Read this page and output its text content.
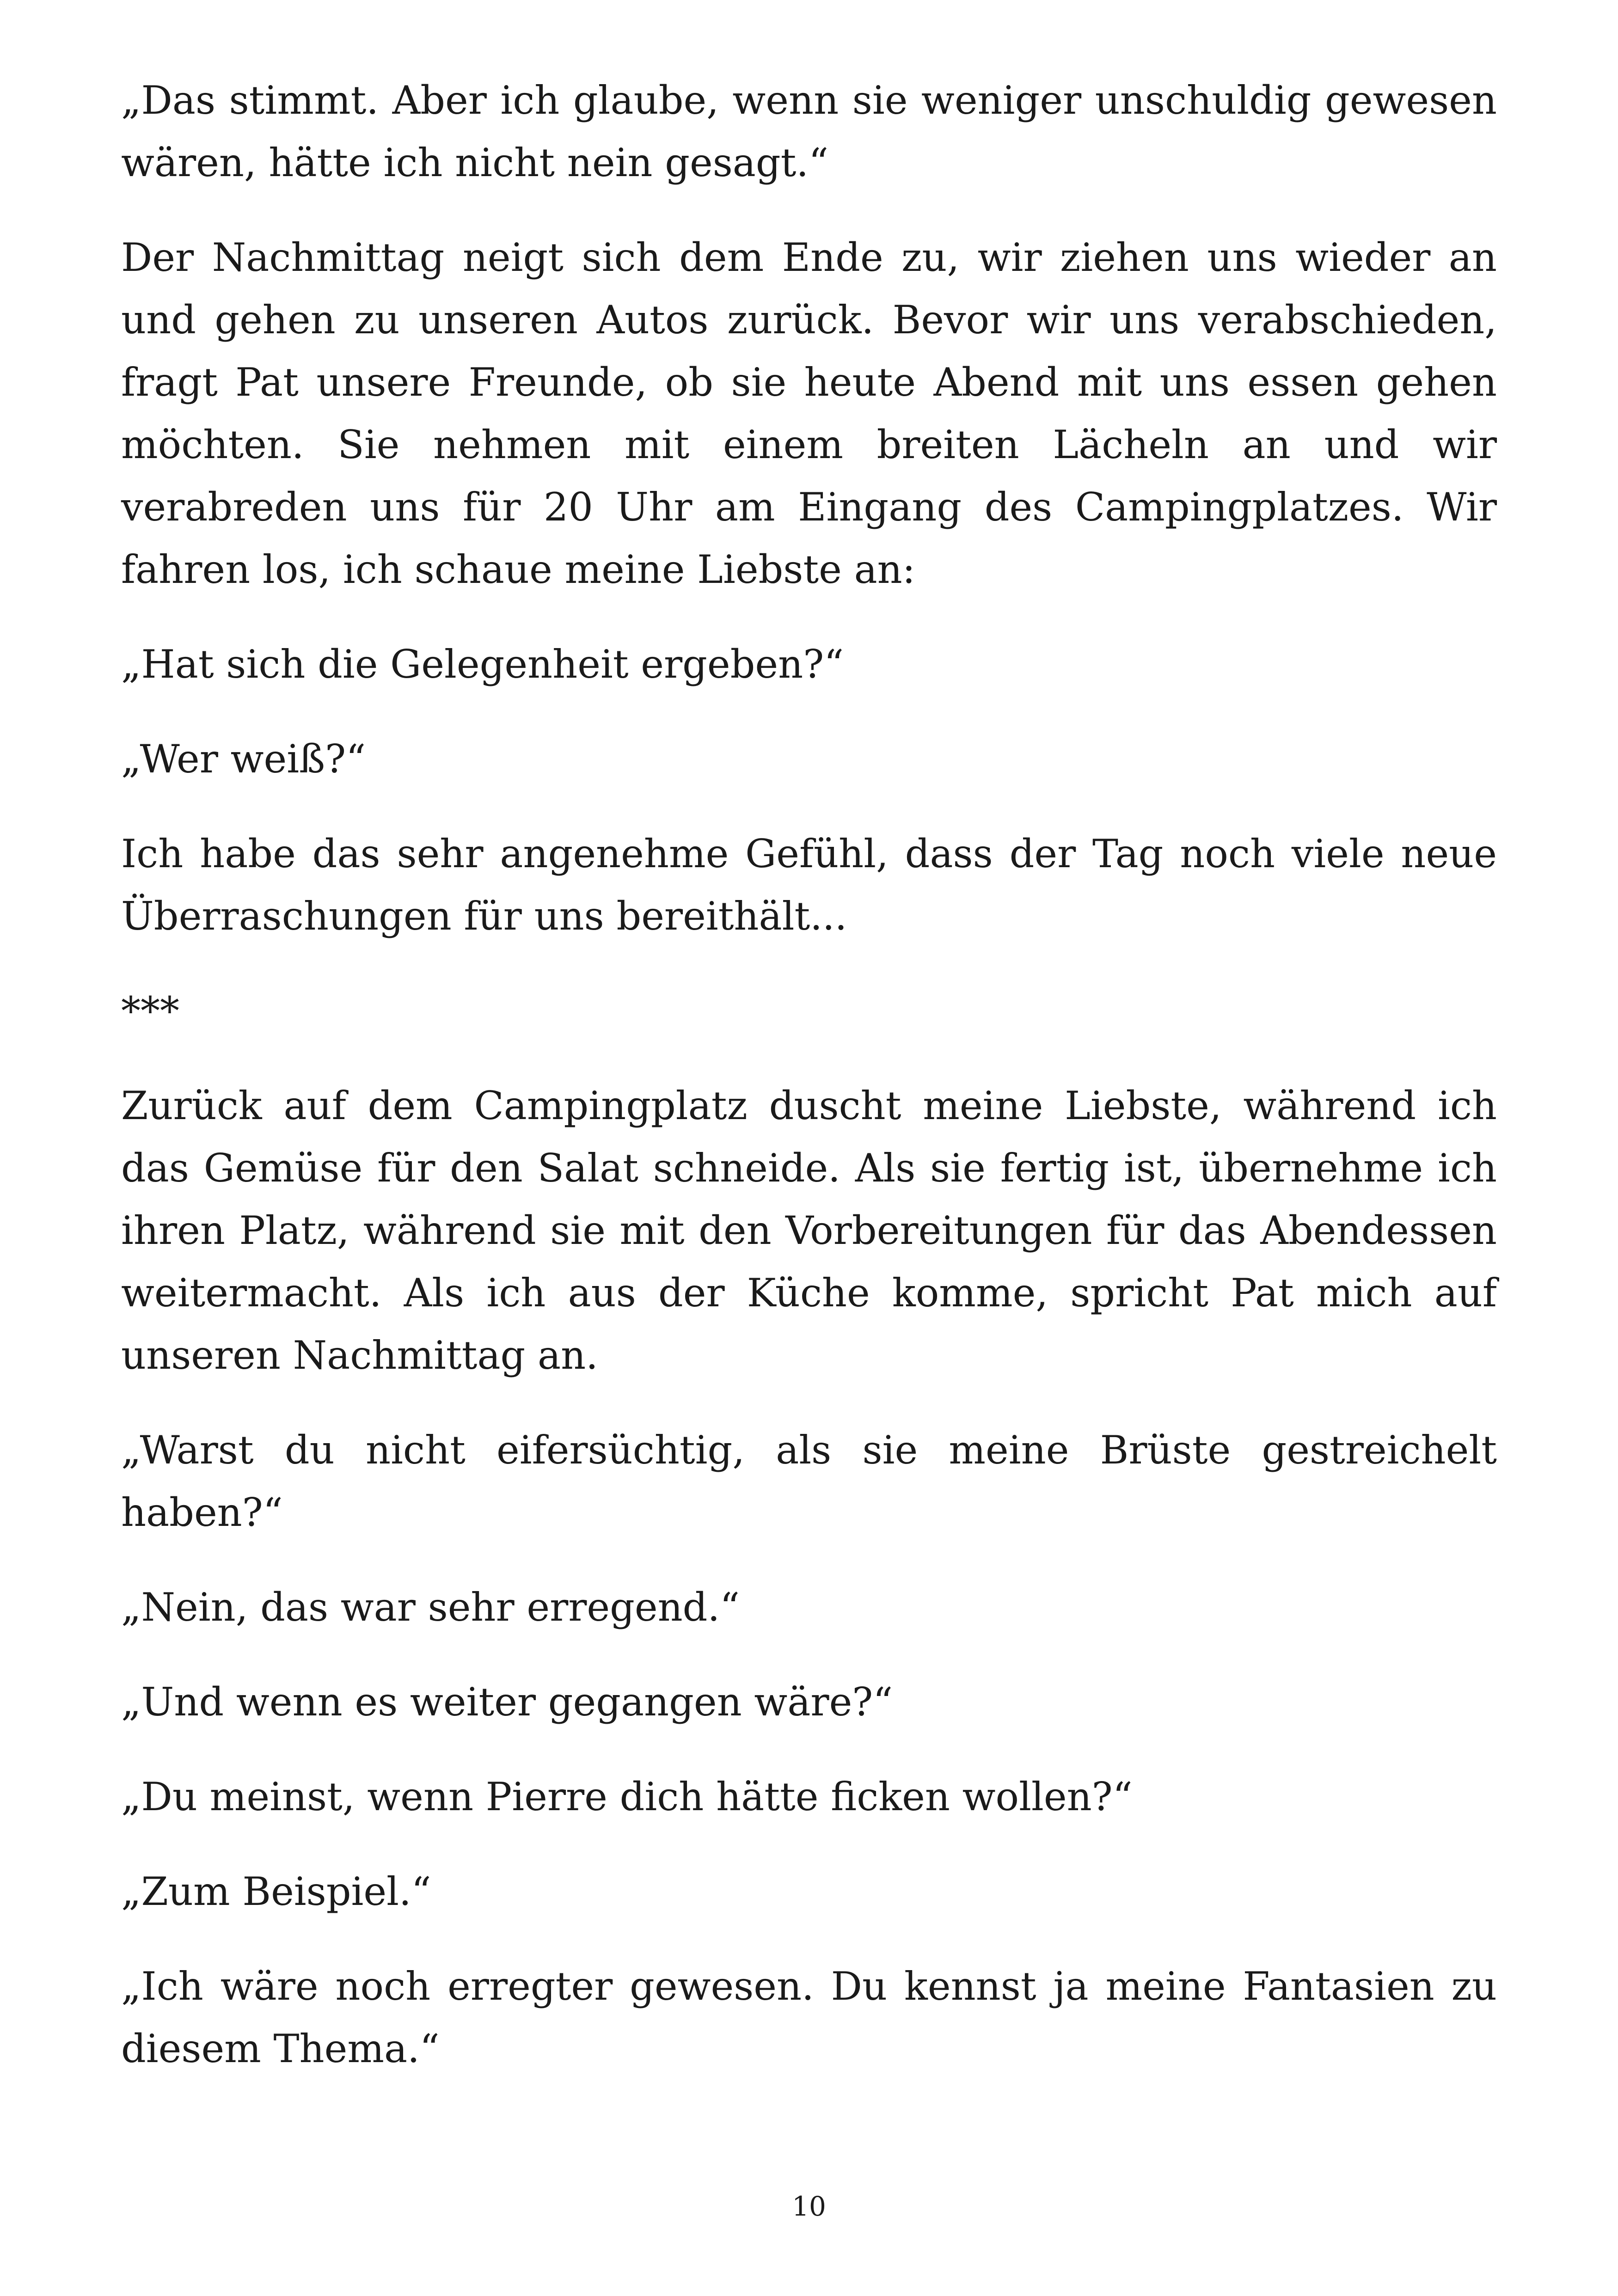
„Das stimmt. Aber ich glaube, wenn sie weniger unschuldig gewesen wären, hätte ich nicht nein gesagt.“

Der Nachmittag neigt sich dem Ende zu, wir ziehen uns wieder an und gehen zu unseren Autos zurück. Bevor wir uns verabschieden, fragt Pat unsere Freunde, ob sie heute Abend mit uns essen gehen möchten. Sie nehmen mit einem breiten Lächeln an und wir verabreden uns für 20 Uhr am Eingang des Campingplatzes. Wir fahren los, ich schaue meine Liebste an:

„Hat sich die Gelegenheit ergeben?“

„Wer weiß?“

Ich habe das sehr angenehme Gefühl, dass der Tag noch viele neue Überraschungen für uns bereithält...

***

Zurück auf dem Campingplatz duscht meine Liebste, während ich das Gemüse für den Salat schneide. Als sie fertig ist, übernehme ich ihren Platz, während sie mit den Vorbereitungen für das Abendessen weitermacht. Als ich aus der Küche komme, spricht Pat mich auf unseren Nachmittag an.

„Warst du nicht eifersüchtig, als sie meine Brüste gestreichelt haben?“

„Nein, das war sehr erregend.“

„Und wenn es weiter gegangen wäre?“

„Du meinst, wenn Pierre dich hätte ficken wollen?“

„Zum Beispiel.“

„Ich wäre noch erregter gewesen. Du kennst ja meine Fantasien zu diesem Thema.“

10
